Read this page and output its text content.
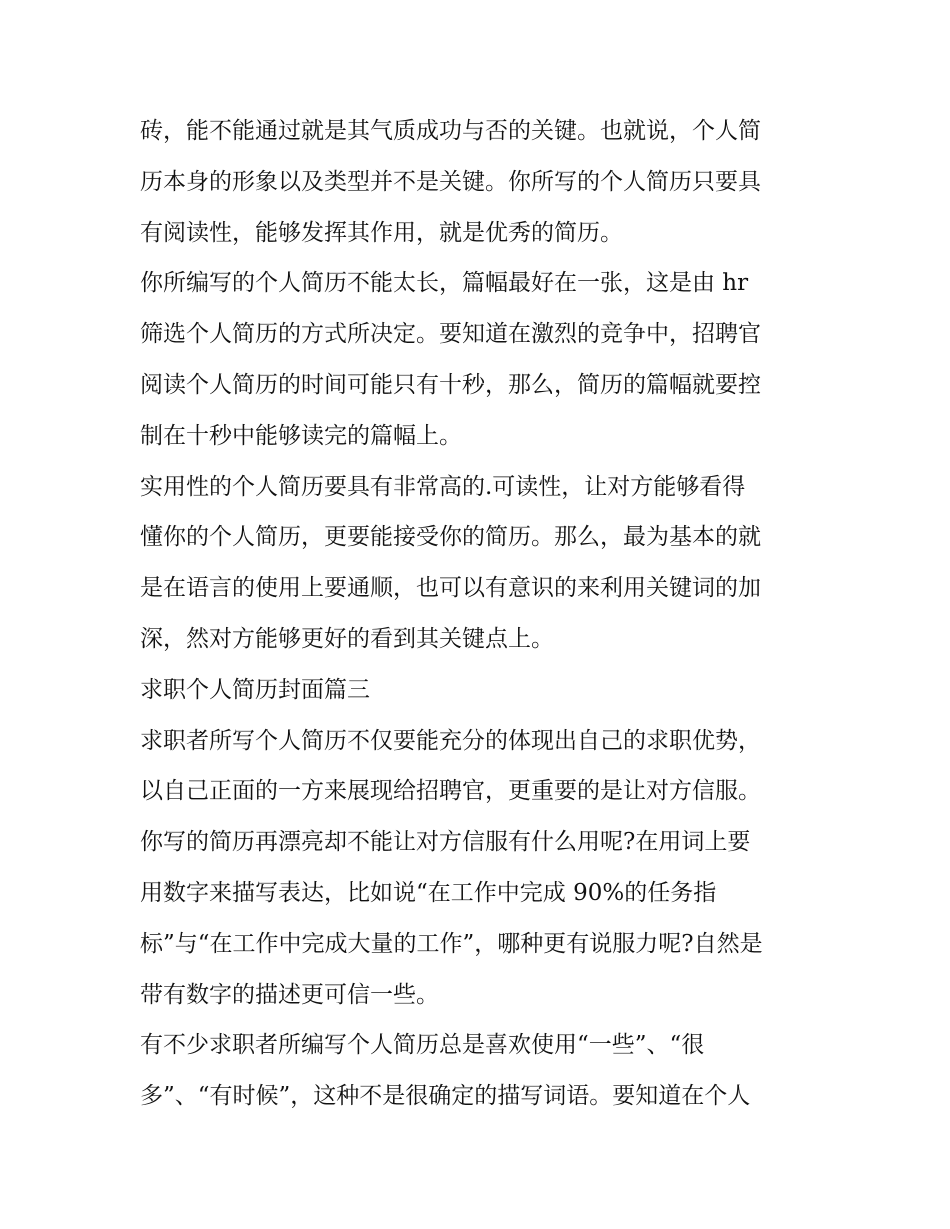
砖，能不能通过就是其气质成功与否的关键。也就说，个人简
历本身的形象以及类型并不是关键。你所写的个人简历只要具
有阅读性，能够发挥其作用，就是优秀的简历。
你所编写的个人简历不能太长，篇幅最好在一张，这是由 hr
筛选个人简历的方式所决定。要知道在激烈的竞争中，招聘官
阅读个人简历的时间可能只有十秒，那么，简历的篇幅就要控
制在十秒中能够读完的篇幅上。
实用性的个人简历要具有非常高的.可读性，让对方能够看得
懂你的个人简历，更要能接受你的简历。那么，最为基本的就
是在语言的使用上要通顺，也可以有意识的来利用关键词的加
深，然对方能够更好的看到其关键点上。
求职个人简历封面篇三
求职者所写个人简历不仅要能充分的体现出自己的求职优势，
以自己正面的一方来展现给招聘官，更重要的是让对方信服。
你写的简历再漂亮却不能让对方信服有什么用呢?在用词上要
用数字来描写表达，比如说“在工作中完成 90%的任务指
标”与“在工作中完成大量的工作”，哪种更有说服力呢?自然是
带有数字的描述更可信一些。
有不少求职者所编写个人简历总是喜欢使用“一些”、“很
多”、“有时候”，这种不是很确定的描写词语。要知道在个人
